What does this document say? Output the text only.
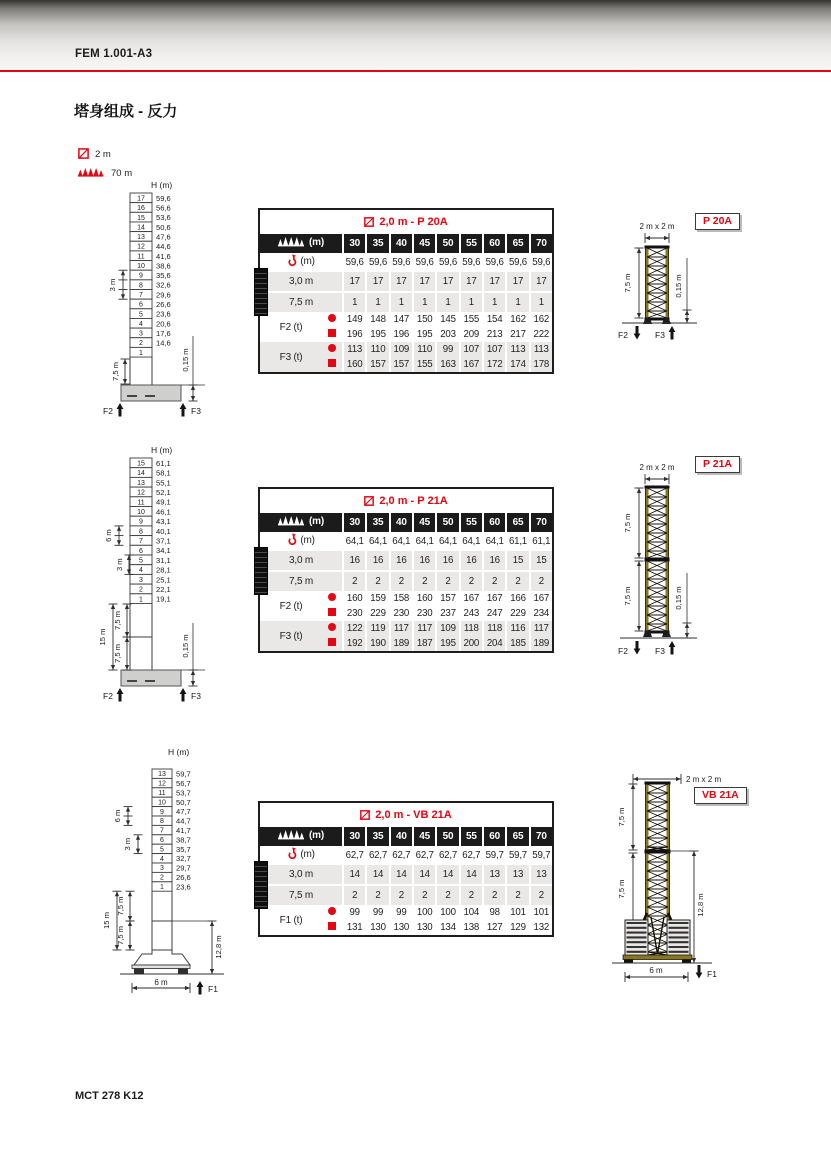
FEM 1.001-A3
塔身组成 - 反力
2 m
70 m
H (m)
17 59,6
16 56,6
15 53,6
14 50,6
13 47,6
12 44,6
11 41,6
10 38,6
9 35,6
8 32,6
7 29,6
6 26,6
5 23,6
4 20,6
3 17,6
2 14,6
1
3 m
7,5 m	0,15 m
F2	F3
H (m)
15 61,1
14 58,1
13 55,1
12 52,1
11 49,1
10 46,1
9 43,1
8 40,1
7 37,1
6 34,1
5 31,1
4 28,1
3 25,1
2 22,1
1 19,1
6 m
3 m
15 m
7,5 m
7,5 m	0,15 m
F2	F3
H (m)
13 59,7
12 56,7
11 53,7
10 50,7
9 47,7
8 44,7
7 41,7
6 38,7
5 35,7
4 32,7
3 29,7
2 26,6
1 23,6
6 m
3 m
15 m
7,5 m
7,5 m	12,8 m
6 m
F1
2,0 m - P 20A
(m)		30	35	40	45	50	55	60	65	70

(m)		59,6	59,6	59,6	59,6	59,6	59,6	59,6	59,6	59,6
3,0 m		17	17	17	17	17	17	17	17	17
7,5 m		1	1	1	1	1	1	1	1	1
F2 (t)		149	148	147	150	145	155	154	162	162
		196	195	196	195	203	209	213	217	222
F3 (t)		113	110	109	110	99	107	107	113	113
		160	157	157	155	163	167	172	174	178
2,0 m - P 21A
(m)		30	35	40	45	50	55	60	65	70

(m)		64,1	64,1	64,1	64,1	64,1	64,1	64,1	61,1	61,1
3,0 m		16	16	16	16	16	16	16	15	15
7,5 m		2	2	2	2	2	2	2	2	2
F2 (t)		160	159	158	160	157	167	167	166	167
		230	229	230	230	237	243	247	229	234
F3 (t)		122	119	117	117	109	118	118	116	117
		192	190	189	187	195	200	204	185	189
2,0 m - VB 21A
(m)		30	35	40	45	50	55	60	65	70

(m)		62,7	62,7	62,7	62,7	62,7	62,7	59,7	59,7	59,7
3,0 m		14	14	14	14	14	14	13	13	13
7,5 m		2	2	2	2	2	2	2	2	2
F1 (t)		99	99	99	100	100	104	98	101	101
		131	130	130	130	134	138	127	129	132
2 m x 2 m
7,5 m	0,15 m
F2	F3
2 m x 2 m
7,5 m
7,5 m	0,15 m
F2	F3
2 m x 2 m
7,5 m
7,5 m
12,8 m
6 m	F1
P 20A
P 21A
VB 21A
MCT 278 K12
